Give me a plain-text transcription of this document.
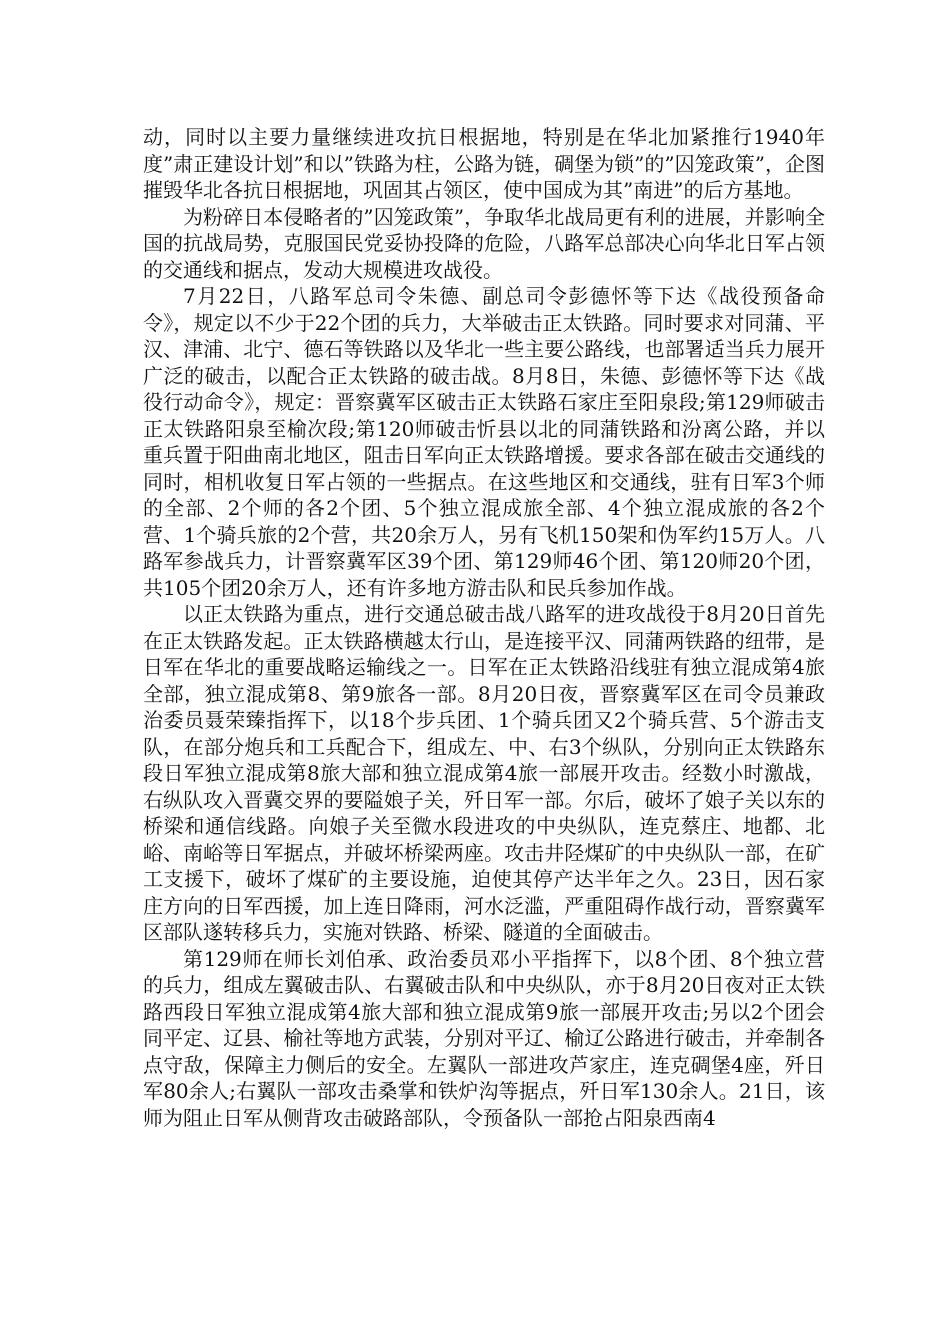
动，同时以主要力量继续进攻抗日根据地，特别是在华北加紧推行1940年度”肃正建设计划”和以”铁路为柱，公路为链，碉堡为锁”的”囚笼政策”，企图摧毁华北各抗日根据地，巩固其占领区，使中国成为其”南进”的后方基地。

为粉碎日本侵略者的”囚笼政策”，争取华北战局更有利的进展，并影响全国的抗战局势，克服国民党妥协投降的危险，八路军总部决心向华北日军占领的交通线和据点，发动大规模进攻战役。

7月22日，八路军总司令朱德、副总司令彭德怀等下达《战役预备命令》，规定以不少于22个团的兵力，大举破击正太铁路。同时要求对同蒲、平汉、津浦、北宁、德石等铁路以及华北一些主要公路线，也部署适当兵力展开广泛的破击，以配合正太铁路的破击战。8月8日，朱德、彭德怀等下达《战役行动命令》，规定：晋察冀军区破击正太铁路石家庄至阳泉段;第129师破击正太铁路阳泉至榆次段;第120师破击忻县以北的同蒲铁路和汾离公路，并以重兵置于阳曲南北地区，阻击日军向正太铁路增援。要求各部在破击交通线的同时，相机收复日军占领的一些据点。在这些地区和交通线，驻有日军3个师的全部、2个师的各2个团、5个独立混成旅全部、4个独立混成旅的各2个营、1个骑兵旅的2个营，共20余万人，另有飞机150架和伪军约15万人。八路军参战兵力，计晋察冀军区39个团、第129师46个团、第120师20个团，共105个团20余万人，还有许多地方游击队和民兵参加作战。

以正太铁路为重点，进行交通总破击战八路军的进攻战役于8月20日首先在正太铁路发起。正太铁路横越太行山，是连接平汉、同蒲两铁路的纽带，是日军在华北的重要战略运输线之一。日军在正太铁路沿线驻有独立混成第4旅全部，独立混成第8、第9旅各一部。8月20日夜，晋察冀军区在司令员兼政治委员聂荣臻指挥下，以18个步兵团、1个骑兵团又2个骑兵营、5个游击支队，在部分炮兵和工兵配合下，组成左、中、右3个纵队，分别向正太铁路东段日军独立混成第8旅大部和独立混成第4旅一部展开攻击。经数小时激战，右纵队攻入晋冀交界的要隘娘子关，歼日军一部。尔后，破坏了娘子关以东的桥梁和通信线路。向娘子关至微水段进攻的中央纵队，连克蔡庄、地都、北峪、南峪等日军据点，并破坏桥梁两座。攻击井陉煤矿的中央纵队一部，在矿工支援下，破坏了煤矿的主要设施，迫使其停产达半年之久。23日，因石家庄方向的日军西援，加上连日降雨，河水泛滥，严重阻碍作战行动，晋察冀军区部队遂转移兵力，实施对铁路、桥梁、隧道的全面破击。

第129师在师长刘伯承、政治委员邓小平指挥下，以8个团、8个独立营的兵力，组成左翼破击队、右翼破击队和中央纵队，亦于8月20日夜对正太铁路西段日军独立混成第4旅大部和独立混成第9旅一部展开攻击;另以2个团会同平定、辽县、榆社等地方武装，分别对平辽、榆辽公路进行破击，并牵制各点守敌，保障主力侧后的安全。左翼队一部进攻芦家庄，连克碉堡4座，歼日军80余人;右翼队一部攻击桑掌和铁炉沟等据点，歼日军130余人。21日，该师为阻止日军从侧背攻击破路部队，令预备队一部抢占阳泉西南4
